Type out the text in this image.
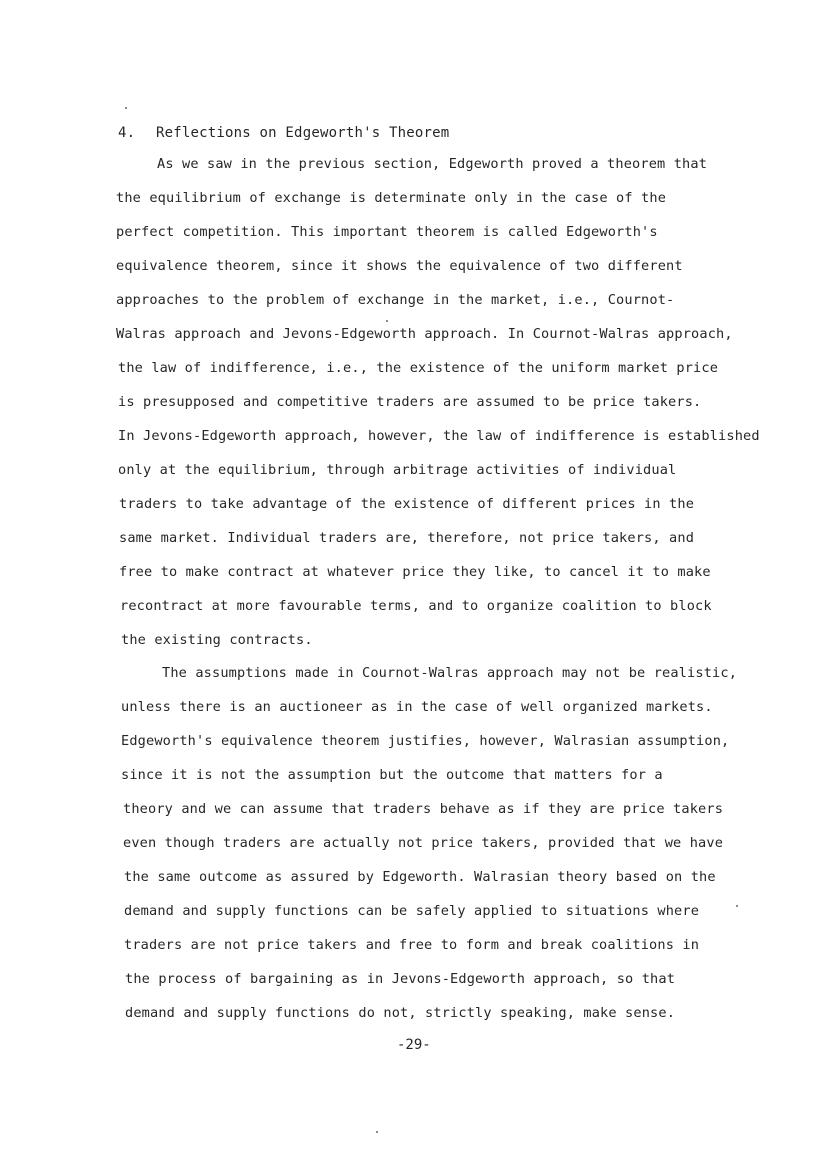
4. Reflections on Edgeworth's Theorem
As we saw in the previous section, Edgeworth proved a theorem that
the equilibrium of exchange is determinate only in the case of the
perfect competition. This important theorem is called Edgeworth's
equivalence theorem, since it shows the equivalence of two different
approaches to the problem of exchange in the market, i.e., Cournot-
Walras approach and Jevons-Edgeworth approach. In Cournot-Walras approach,
the law of indifference, i.e., the existence of the uniform market price
is presupposed and competitive traders are assumed to be price takers.
In Jevons-Edgeworth approach, however, the law of indifference is established
only at the equilibrium, through arbitrage activities of individual
traders to take advantage of the existence of different prices in the
same market. Individual traders are, therefore, not price takers, and
free to make contract at whatever price they like, to cancel it to make
recontract at more favourable terms, and to organize coalition to block
the existing contracts.
The assumptions made in Cournot-Walras approach may not be realistic,
unless there is an auctioneer as in the case of well organized markets.
Edgeworth's equivalence theorem justifies, however, Walrasian assumption,
since it is not the assumption but the outcome that matters for a
theory and we can assume that traders behave as if they are price takers
even though traders are actually not price takers, provided that we have
the same outcome as assured by Edgeworth. Walrasian theory based on the
demand and supply functions can be safely applied to situations where
traders are not price takers and free to form and break coalitions in
the process of bargaining as in Jevons-Edgeworth approach, so that
demand and supply functions do not, strictly speaking, make sense.
-29-
